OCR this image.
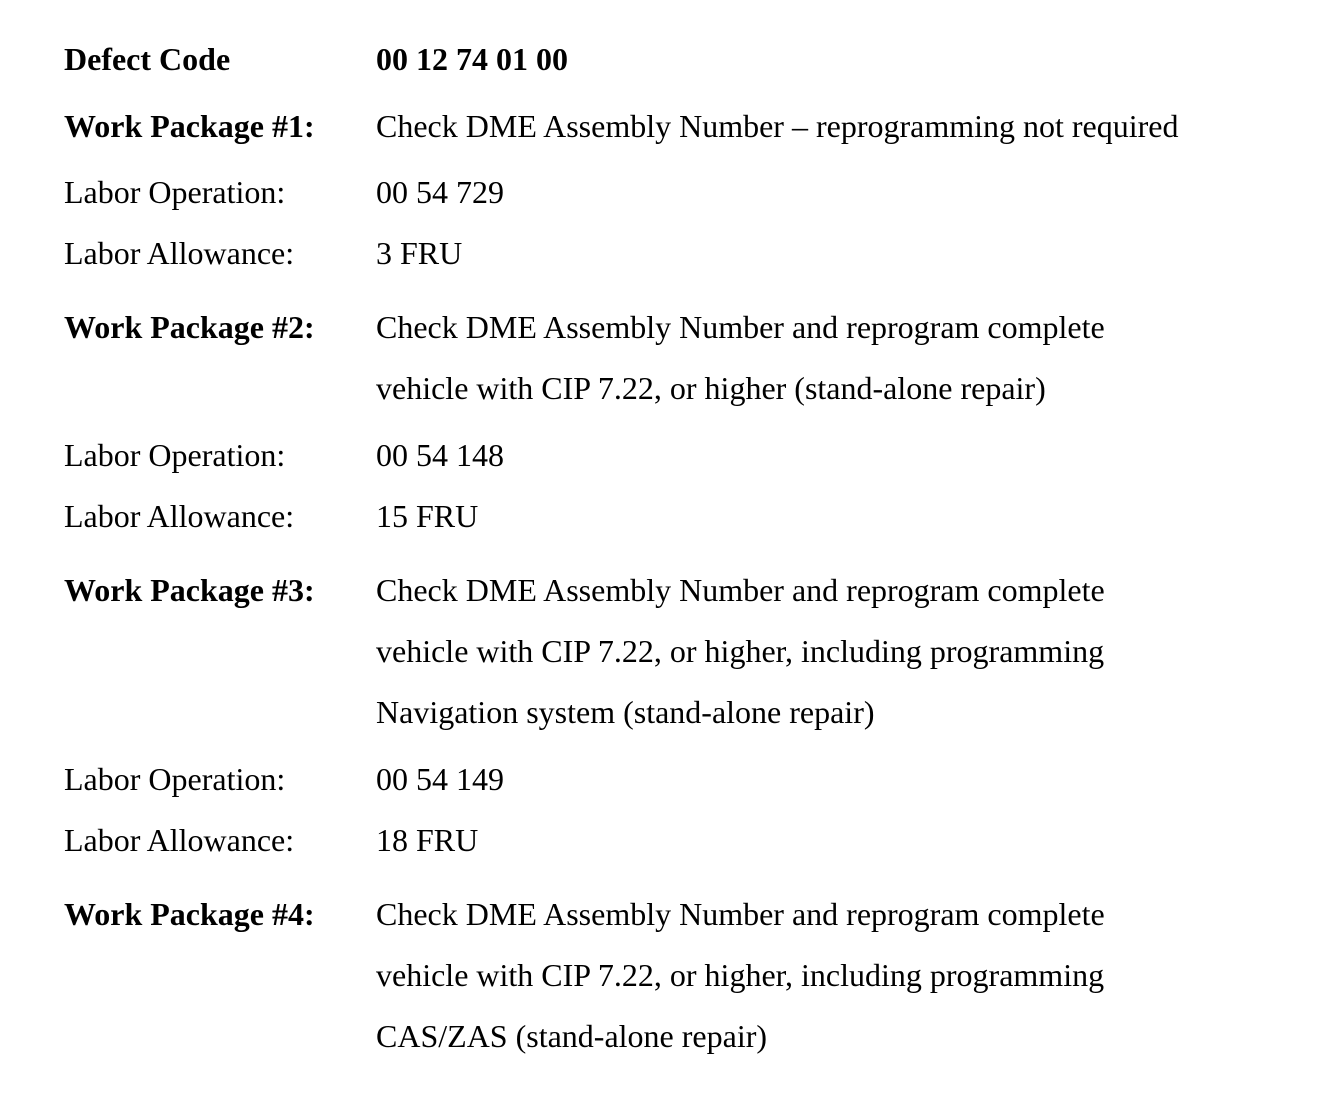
Defect Code	00 12 74 01 00
Work Package #1: Check DME Assembly Number – reprogramming not required
Labor Operation:	00 54 729
Labor Allowance:	3 FRU
Work Package #2: Check DME Assembly Number and reprogram complete
vehicle with CIP 7.22, or higher (stand-alone repair)
Labor Operation:	00 54 148
Labor Allowance:	15 FRU
Work Package #3: Check DME Assembly Number and reprogram complete
vehicle with CIP 7.22, or higher, including programming
Navigation system (stand-alone repair)
Labor Operation:	00 54 149
Labor Allowance:	18 FRU
Work Package #4: Check DME Assembly Number and reprogram complete
vehicle with CIP 7.22, or higher, including programming
CAS/ZAS (stand-alone repair)
